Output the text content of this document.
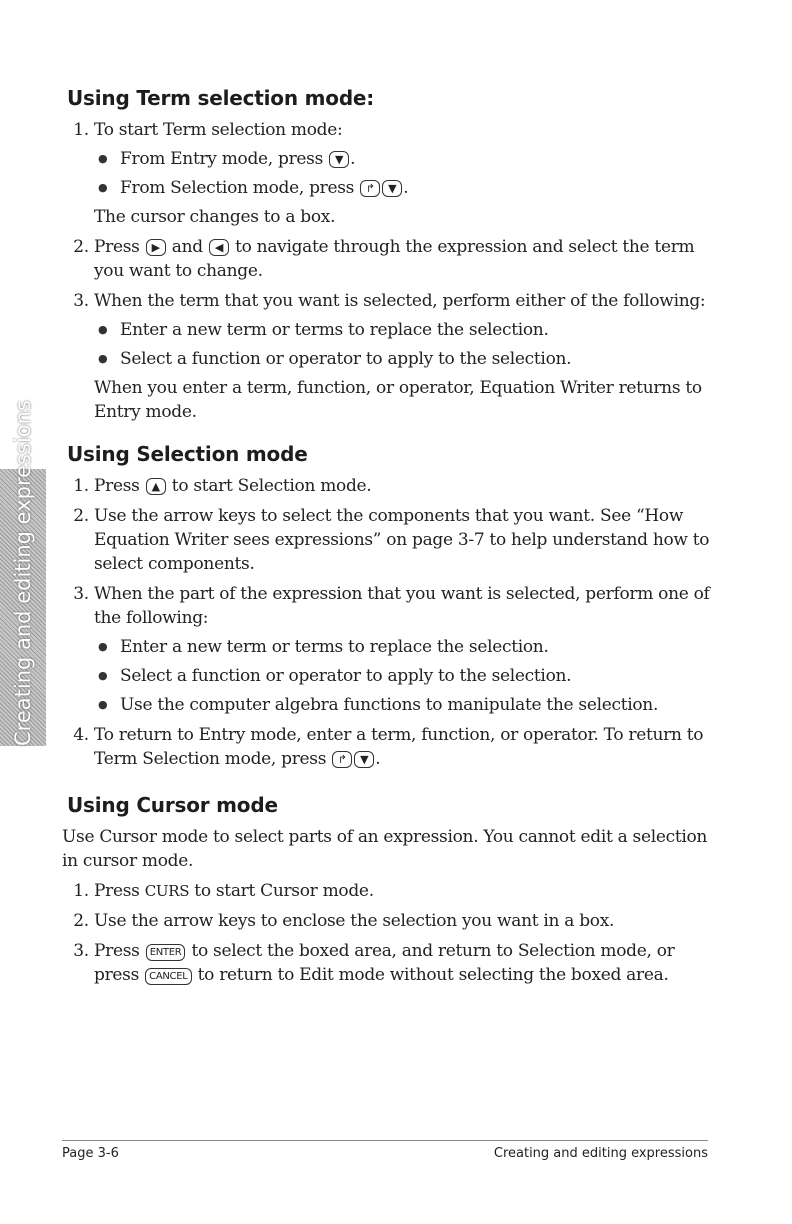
Creating and editing expressions
Using Term selection mode:
1. To start Term selection mode:
● From Entry mode, press ▼ .
● From Selection mode, press ↱ ▼ .
The cursor changes to a box.
2. Press ▶ and ◀ to navigate through the expression and select the term you want to change.
3. When the term that you want is selected, perform either of the following:
● Enter a new term or terms to replace the selection.
● Select a function or operator to apply to the selection.
When you enter a term, function, or operator, Equation Writer returns to Entry mode.
Using Selection mode
1. Press ▲ to start Selection mode.
2. Use the arrow keys to select the components that you want. See “How Equation Writer sees expressions” on page 3-7 to help understand how to select components.
3. When the part of the expression that you want is selected, perform one of the following:
● Enter a new term or terms to replace the selection.
● Select a function or operator to apply to the selection.
● Use the computer algebra functions to manipulate the selection.
4. To return to Entry mode, enter a term, function, or operator. To return to Term Selection mode, press ↱ ▼ .
Using Cursor mode

Use Cursor mode to select parts of an expression. You cannot edit a selection in cursor mode.

1. Press CURS to start Cursor mode.
2. Use the arrow keys to enclose the selection you want in a box.
3. Press ENTER to select the boxed area, and return to Selection mode, or press CANCEL to return to Edit mode without selecting the boxed area.
Page 3-6	Creating and editing expressions
